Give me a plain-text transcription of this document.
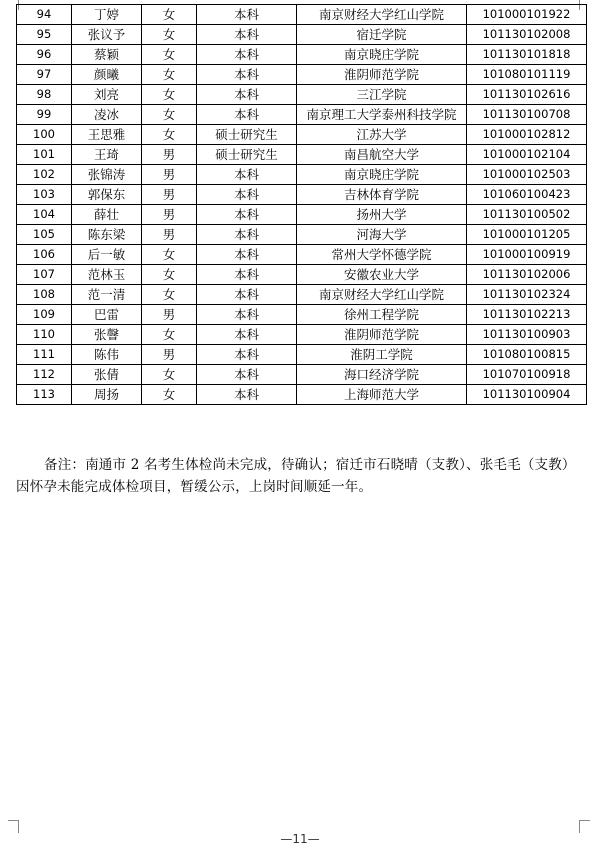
94	丁婷	女	本科	南京财经大学红山学院	101000101922
95	张议予	女	本科	宿迁学院	101130102008
96	蔡颖	女	本科	南京晓庄学院	101130101818
97	颜曦	女	本科	淮阴师范学院	101080101119
98	刘亮	女	本科	三江学院	101130102616
99	凌冰	女	本科	南京理工大学泰州科技学院	101130100708
100	王思雅	女	硕士研究生	江苏大学	101000102812
101	王琦	男	硕士研究生	南昌航空大学	101000102104
102	张锦涛	男	本科	南京晓庄学院	101000102503
103	郭保东	男	本科	吉林体育学院	101060100423
104	薛壮	男	本科	扬州大学	101130100502
105	陈东梁	男	本科	河海大学	101000101205
106	后一敏	女	本科	常州大学怀德学院	101000100919
107	范林玉	女	本科	安徽农业大学	101130102006
108	范一清	女	本科	南京财经大学红山学院	101130102324
109	巴雷	男	本科	徐州工程学院	101130102213
110	张韾	女	本科	淮阴师范学院	101130100903
111	陈伟	男	本科	淮阴工学院	101080100815
112	张倩	女	本科	海口经济学院	101070100918
113	周扬	女	本科	上海师范大学	101130100904

备注：南通市 2 名考生体检尚未完成，待确认；宿迁市石晓晴（支教）、张毛毛（支教）因怀孕未能完成体检项目，暂缓公示，上岗时间顺延一年。

—11—
